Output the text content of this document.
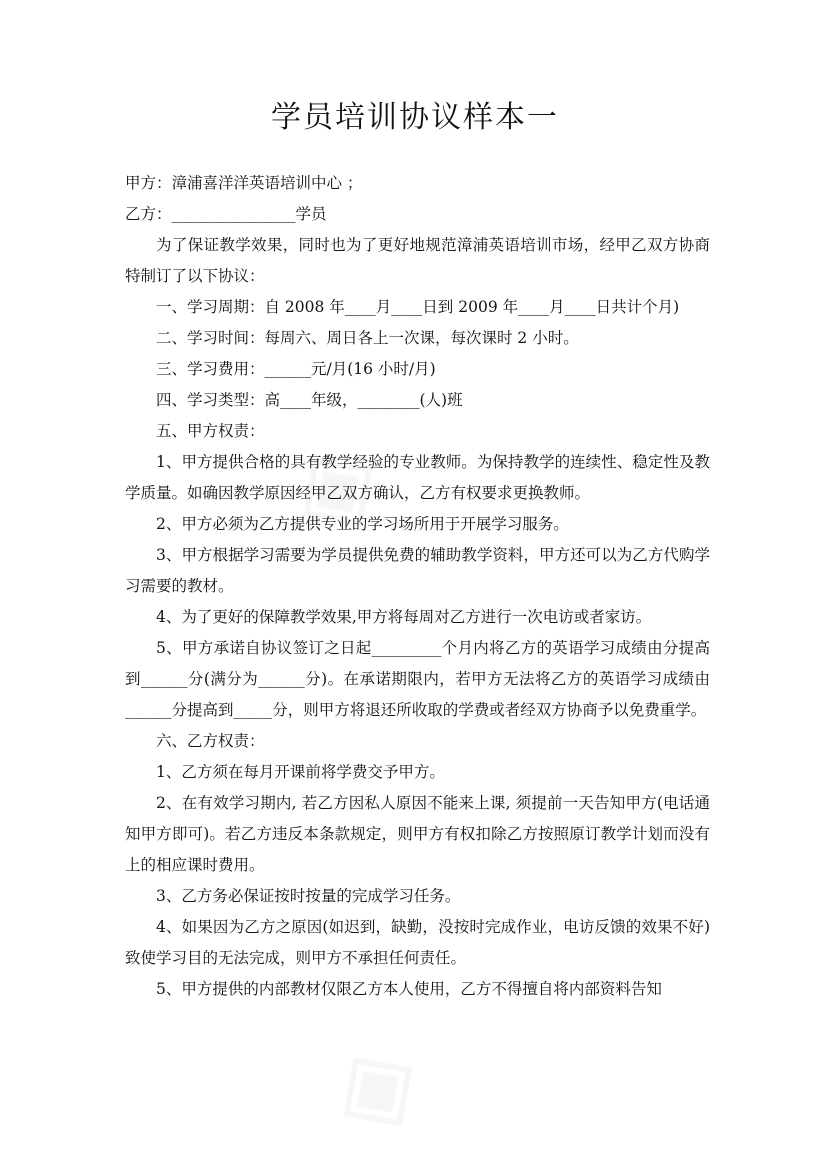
学员培训协议样本一

甲方：漳浦喜洋洋英语培训中心 ；

乙方：________________学员

为了保证教学效果，同时也为了更好地规范漳浦英语培训市场，经甲乙双方协商特制订了以下协议：

一、学习周期：自 2008 年____月____日到 2009 年____月____日共计个月)

二、学习时间：每周六、周日各上一次课，每次课时 2 小时。

三、学习费用：______元/月(16 小时/月)

四、学习类型：高____年级，________(人)班

五、甲方权责：

1、甲方提供合格的具有教学经验的专业教师。为保持教学的连续性、稳定性及教学质量。如确因教学原因经甲乙双方确认，乙方有权要求更换教师。

2、甲方必须为乙方提供专业的学习场所用于开展学习服务。

3、甲方根据学习需要为学员提供免费的辅助教学资料，甲方还可以为乙方代购学习需要的教材。

4、为了更好的保障教学效果,甲方将每周对乙方进行一次电访或者家访。

5、甲方承诺自协议签订之日起_________个月内将乙方的英语学习成绩由分提高到______分(满分为______分)。在承诺期限内，若甲方无法将乙方的英语学习成绩由______分提高到_____分，则甲方将退还所收取的学费或者经双方协商予以免费重学。

六、乙方权责：

1、乙方须在每月开课前将学费交予甲方。

2、在有效学习期内, 若乙方因私人原因不能来上课, 须提前一天告知甲方(电话通知甲方即可)。若乙方违反本条款规定，则甲方有权扣除乙方按照原订教学计划而没有上的相应课时费用。

3、乙方务必保证按时按量的完成学习任务。

4、如果因为乙方之原因(如迟到，缺勤，没按时完成作业，电访反馈的效果不好)致使学习目的无法完成，则甲方不承担任何责任。

5、甲方提供的内部教材仅限乙方本人使用，乙方不得擅自将内部资料告知
